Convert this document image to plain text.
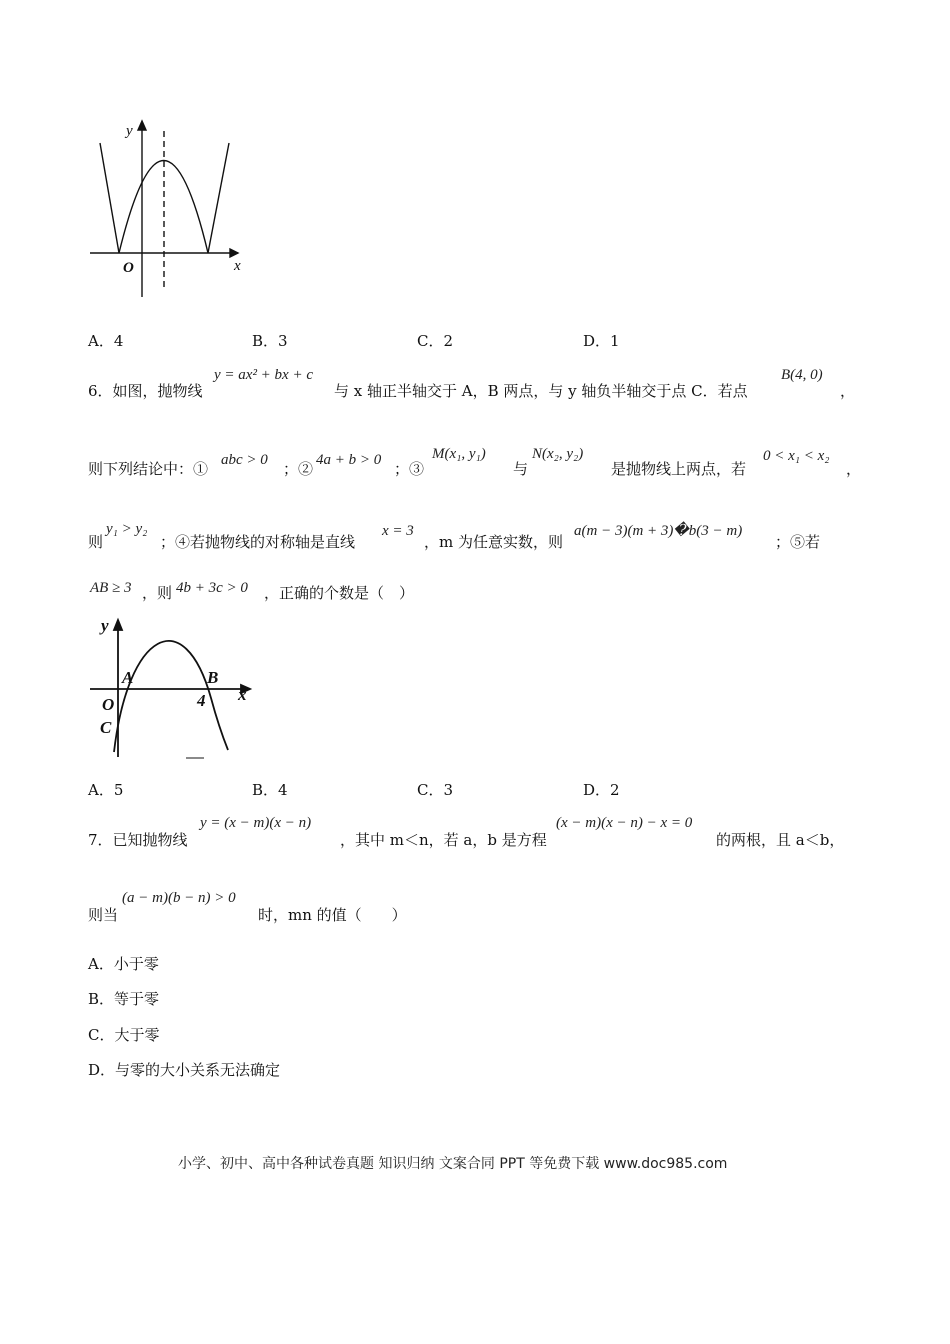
y
x
O
A．4	B．3	C．2	D．1
6．如图，抛物线
y = ax² + bx + c
与 x 轴正半轴交于 A，B 两点，与 y 轴负半轴交于点 C．若点
B(4, 0)
，
则下列结论中：① abc > 0 ；② 4a + b > 0 ；③
M(x₁, y₁)
与
N(x₂, y₂)
是抛物线上两点，若
0 < x₁ < x₂
，
则
y₁ > y₂
；④若抛物线的对称轴是直线
x = 3
，m 为任意实数，则
a(m − 3)(m + 3)�b(3 − m)
；⑤若
AB ≥ 3 ，则 4b + 3c > 0 ，正确的个数是（　）
y
x
O
A	B
C
4
A．5	B．4	C．3	D．2
7．已知抛物线
y = (x − m)(x − n)
，其中 m＜n，若 a，b 是方程
(x − m)(x − n) − x = 0
的两根，且 a＜b，
则当
(a − m)(b − n) > 0
时，mn 的值（　　）
A．小于零
B．等于零
C．大于零
D．与零的大小关系无法确定
小学、初中、高中各种试卷真题 知识归纳 文案合同 PPT 等免费下载 www.doc985.com
